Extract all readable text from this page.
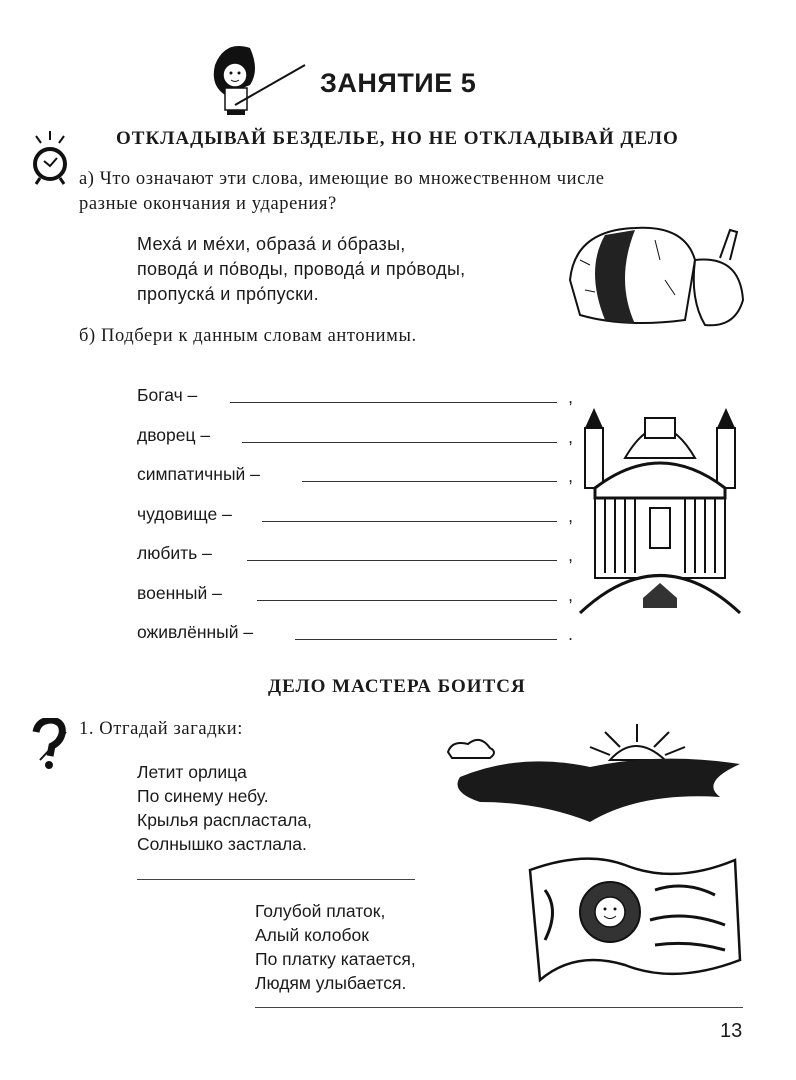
ЗАНЯТИЕ 5
ОТКЛАДЫВАЙ БЕЗДЕЛЬЕ, НО НЕ ОТКЛАДЫВАЙ ДЕЛО
а) Что означают эти слова, имеющие во множественном числе
разные окончания и ударения?
Меха́ и ме́хи, образа́ и о́бразы,
повода́ и по́воды, провода́ и про́воды,
пропуска́ и про́пуски.
б) Подбери к данным словам антонимы.
Богач –	,
дворец –	,
симпатичный –	,
чудовище –	,
любить –	,
военный –	,
оживлённый –	.
ДЕЛО МАСТЕРА БОИТСЯ
1. Отгадай загадки:
Летит орлица
По синему небу.
Крылья распластала,
Солнышко застлала.
Голубой платок,
Алый колобок
По платку катается,
Людям улыбается.
13
